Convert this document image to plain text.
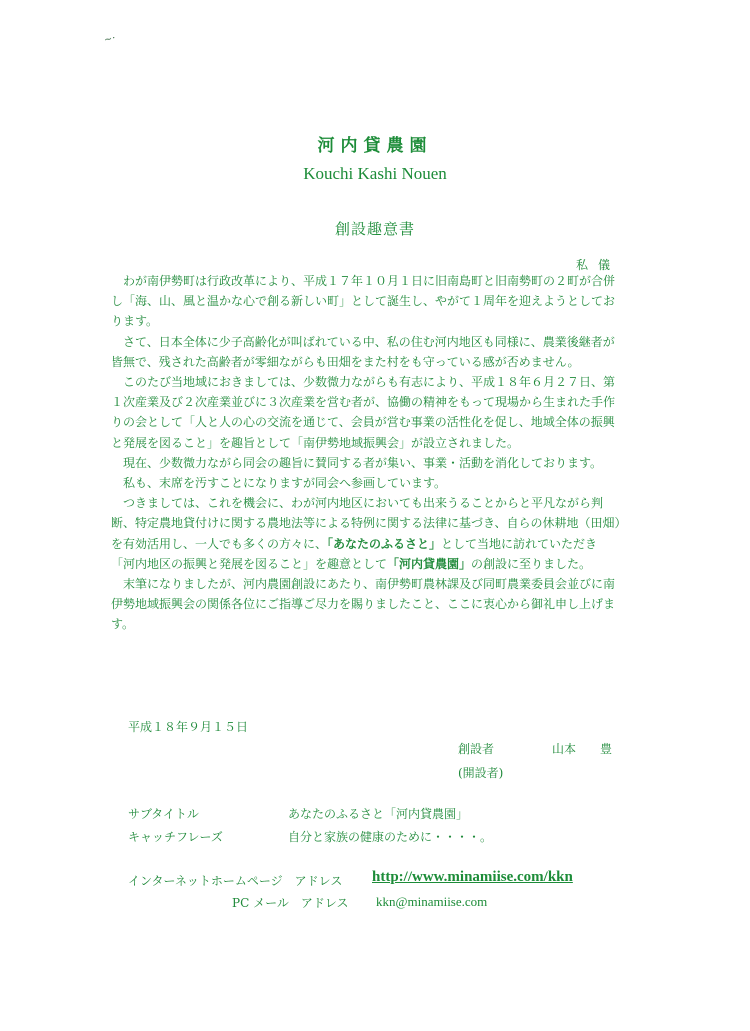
~·
河内貸農園
Kouchi Kashi Nouen
創設趣意書
私儀

わが南伊勢町は行政改革により、平成１７年１０月１日に旧南島町と旧南勢町の２町が合併し「海、山、風と温かな心で創る新しい町」として誕生し、やがて１周年を迎えようとしております。

さて、日本全体に少子高齢化が叫ばれている中、私の住む河内地区も同様に、農業後継者が皆無で、残された高齢者が零細ながらも田畑をまた村をも守っている感が否めません。

このたび当地域におきましては、少数微力ながらも有志により、平成１８年６月２７日、第１次産業及び２次産業並びに３次産業を営む者が、協働の精神をもって現場から生まれた手作りの会として「人と人の心の交流を通じて、会員が営む事業の活性化を促し、地域全体の振興と発展を図ること」を趣旨として「南伊勢地域振興会」が設立されました。

現在、少数微力ながら同会の趣旨に賛同する者が集い、事業・活動を消化しております。

私も、末席を汚すことになりますが同会へ参画しています。

つきましては、これを機会に、わが河内地区においても出来うることからと平凡ながら判断、特定農地貸付けに関する農地法等による特例に関する法律に基づき、自らの休耕地（田畑）を有効活用し、一人でも多くの方々に、「あなたのふるさと」として当地に訪れていただき「河内地区の振興と発展を図ること」を趣意として「河内貸農園」の創設に至りました。

末筆になりましたが、河内農園創設にあたり、南伊勢町農林課及び同町農業委員会並びに南伊勢地域振興会の関係各位にご指導ご尽力を賜りましたこと、ここに衷心から御礼申し上げます。

平成１８年９月１５日
創設者	山本　　豊
(開設者)
サブタイトル	あなたのふるさと「河内貸農園」
キャッチフレーズ	自分と家族の健康のために・・・・。
インターネットホームページ　アドレス http://www.minamiise.com/kkn
PC メール　アドレス kkn@minamiise.com
